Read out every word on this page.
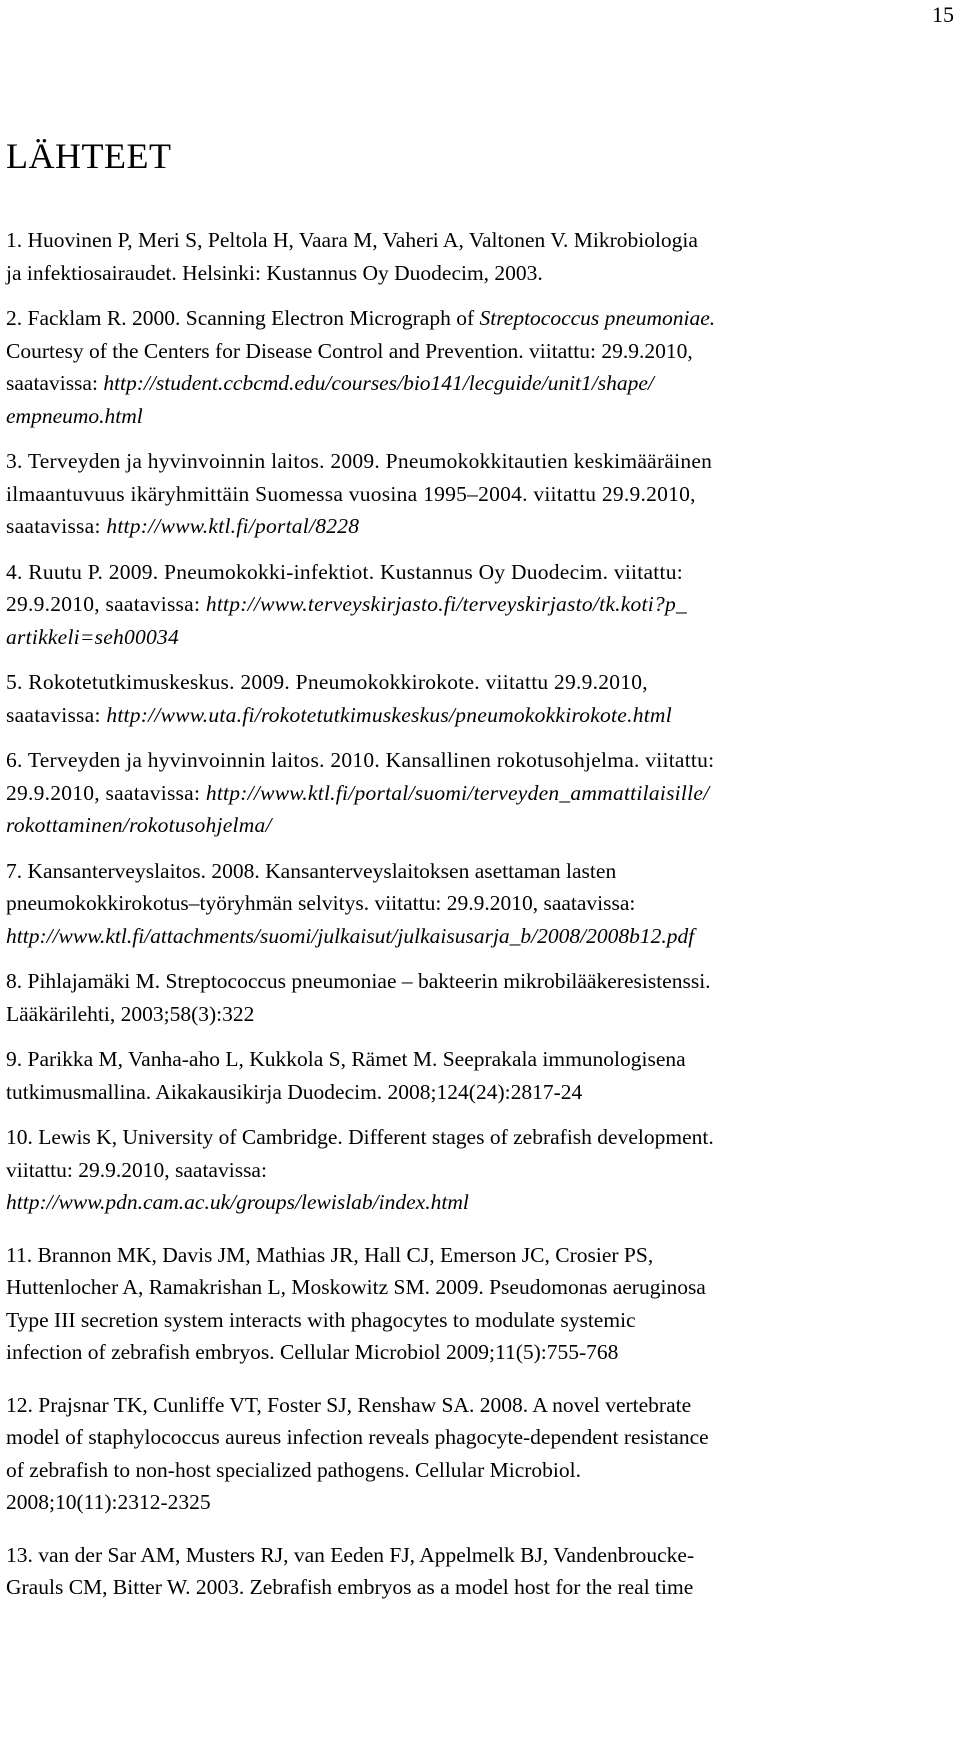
15
LÄHTEET
1. Huovinen P, Meri S, Peltola H, Vaara M, Vaheri A, Valtonen V. Mikrobiologia
ja infektiosairaudet. Helsinki: Kustannus Oy Duodecim, 2003.
2. Facklam R. 2000. Scanning Electron Micrograph of Streptococcus pneumoniae.
Courtesy of the Centers for Disease Control and Prevention. viitattu: 29.9.2010,
saatavissa: http://student.ccbcmd.edu/courses/bio141/lecguide/unit1/shape/
empneumo.html
3. Terveyden ja hyvinvoinnin laitos. 2009. Pneumokokkitautien keskimääräinen
ilmaantuvuus ikäryhmittäin Suomessa vuosina 1995–2004. viitattu 29.9.2010,
saatavissa: http://www.ktl.fi/portal/8228
4. Ruutu P. 2009. Pneumokokki-infektiot. Kustannus Oy Duodecim. viitattu:
29.9.2010, saatavissa: http://www.terveyskirjasto.fi/terveyskirjasto/tk.koti?p_
artikkeli=seh00034
5. Rokotetutkimuskeskus. 2009. Pneumokokkirokote. viitattu 29.9.2010,
saatavissa: http://www.uta.fi/rokotetutkimuskeskus/pneumokokkirokote.html
6. Terveyden ja hyvinvoinnin laitos. 2010. Kansallinen rokotusohjelma. viitattu:
29.9.2010, saatavissa: http://www.ktl.fi/portal/suomi/terveyden_ammattilaisille/
rokottaminen/rokotusohjelma/
7. Kansanterveyslaitos. 2008. Kansanterveyslaitoksen asettaman lasten
pneumokokkirokotus–työryhmän selvitys. viitattu: 29.9.2010, saatavissa:
http://www.ktl.fi/attachments/suomi/julkaisut/julkaisusarja_b/2008/2008b12.pdf
8. Pihlajamäki M. Streptococcus pneumoniae – bakteerin mikrobilääkeresistenssi.
Lääkärilehti, 2003;58(3):322
9. Parikka M, Vanha-aho L, Kukkola S, Rämet M. Seeprakala immunologisena
tutkimusmallina. Aikakausikirja Duodecim. 2008;124(24):2817-24
10. Lewis K, University of Cambridge. Different stages of zebrafish development.
viitattu: 29.9.2010, saatavissa:
http://www.pdn.cam.ac.uk/groups/lewislab/index.html
11. Brannon MK, Davis JM, Mathias JR, Hall CJ, Emerson JC, Crosier PS,
Huttenlocher A, Ramakrishan L, Moskowitz SM. 2009. Pseudomonas aeruginosa
Type III secretion system interacts with phagocytes to modulate systemic
infection of zebrafish embryos. Cellular Microbiol 2009;11(5):755-768
12. Prajsnar TK, Cunliffe VT, Foster SJ, Renshaw SA. 2008. A novel vertebrate
model of staphylococcus aureus infection reveals phagocyte-dependent resistance
of zebrafish to non-host specialized pathogens. Cellular Microbiol.
2008;10(11):2312-2325
13. van der Sar AM, Musters RJ, van Eeden FJ, Appelmelk BJ, Vandenbroucke-
Grauls CM, Bitter W. 2003. Zebrafish embryos as a model host for the real time
